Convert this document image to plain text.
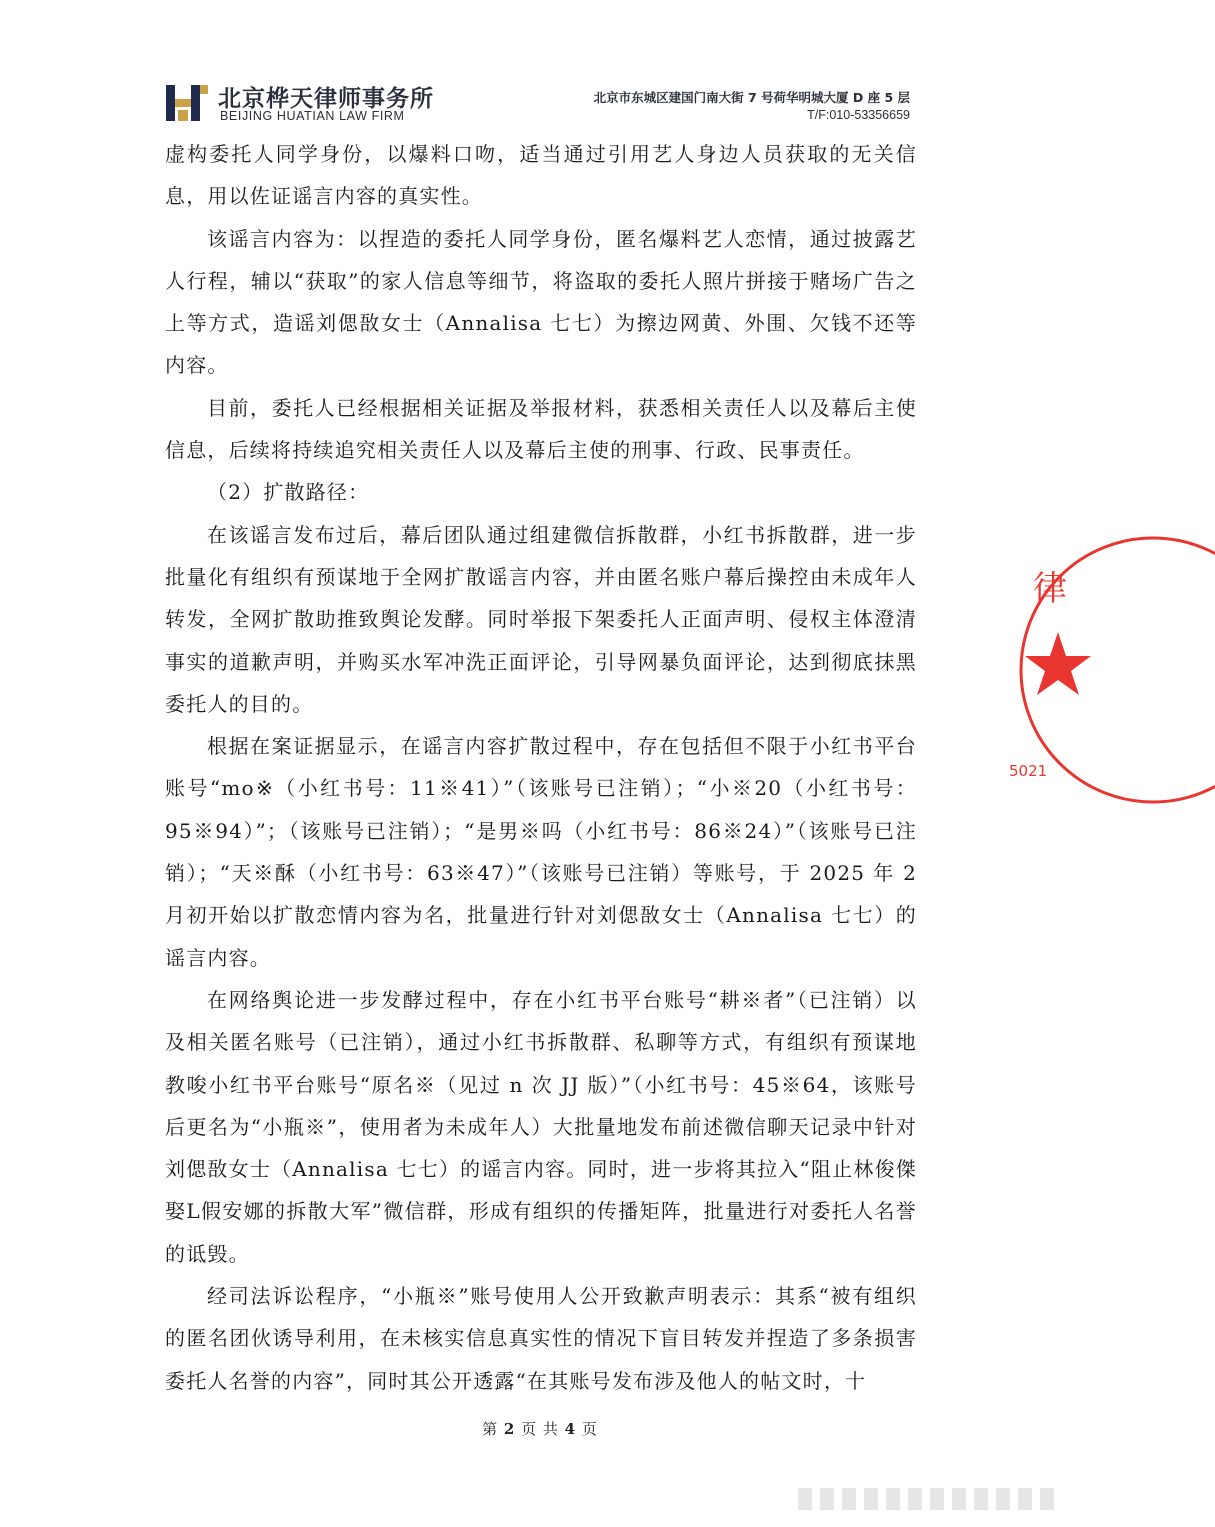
北京桦天律师事务所
BEIJING HUATIAN LAW FIRM
北京市东城区建国门南大街 7 号荷华明城大厦 D 座 5 层
T/F:010-53356659

虚构委托人同学身份，以爆料口吻，适当通过引用艺人身边人员获取的无关信息，用以佐证谣言内容的真实性。

该谣言内容为：以捏造的委托人同学身份，匿名爆料艺人恋情，通过披露艺人行程，辅以“获取”的家人信息等细节，将盗取的委托人照片拼接于赌场广告之上等方式，造谣刘偲敔女士（Annalisa 七七）为擦边网黄、外围、欠钱不还等内容。

目前，委托人已经根据相关证据及举报材料，获悉相关责任人以及幕后主使信息，后续将持续追究相关责任人以及幕后主使的刑事、行政、民事责任。

（2）扩散路径：

在该谣言发布过后，幕后团队通过组建微信拆散群，小红书拆散群，进一步批量化有组织有预谋地于全网扩散谣言内容，并由匿名账户幕后操控由未成年人转发，全网扩散助推致舆论发酵。同时举报下架委托人正面声明、侵权主体澄清事实的道歉声明，并购买水军冲洗正面评论，引导网暴负面评论，达到彻底抹黑委托人的目的。

根据在案证据显示，在谣言内容扩散过程中，存在包括但不限于小红书平台账号“mo※（小红书号：11※41）”（该账号已注销）；“小※20（小红书号：95※94）”；（该账号已注销）；“是男※吗（小红书号：86※24）”（该账号已注销）；“天※酥（小红书号：63※47）”（该账号已注销）等账号，于 2025 年 2 月初开始以扩散恋情内容为名，批量进行针对刘偲敔女士（Annalisa 七七）的谣言内容。

在网络舆论进一步发酵过程中，存在小红书平台账号“耕※者”（已注销）以及相关匿名账号（已注销），通过小红书拆散群、私聊等方式，有组织有预谋地教唆小红书平台账号“原名※（见过 n 次 JJ 版）”（小红书号：45※64，该账号后更名为“小瓶※”，使用者为未成年人）大批量地发布前述微信聊天记录中针对刘偲敔女士（Annalisa 七七）的谣言内容。同时，进一步将其拉入“阻止林俊傑娶L假安娜的拆散大军”微信群，形成有组织的传播矩阵，批量进行对委托人名誉的诋毁。

经司法诉讼程序，“小瓶※”账号使用人公开致歉声明表示：其系“被有组织的匿名团伙诱导利用，在未核实信息真实性的情况下盲目转发并捏造了多条损害委托人名誉的内容”，同时其公开透露“在其账号发布涉及他人的帖文时，十

律
5021
第 2 页 共 4 页
